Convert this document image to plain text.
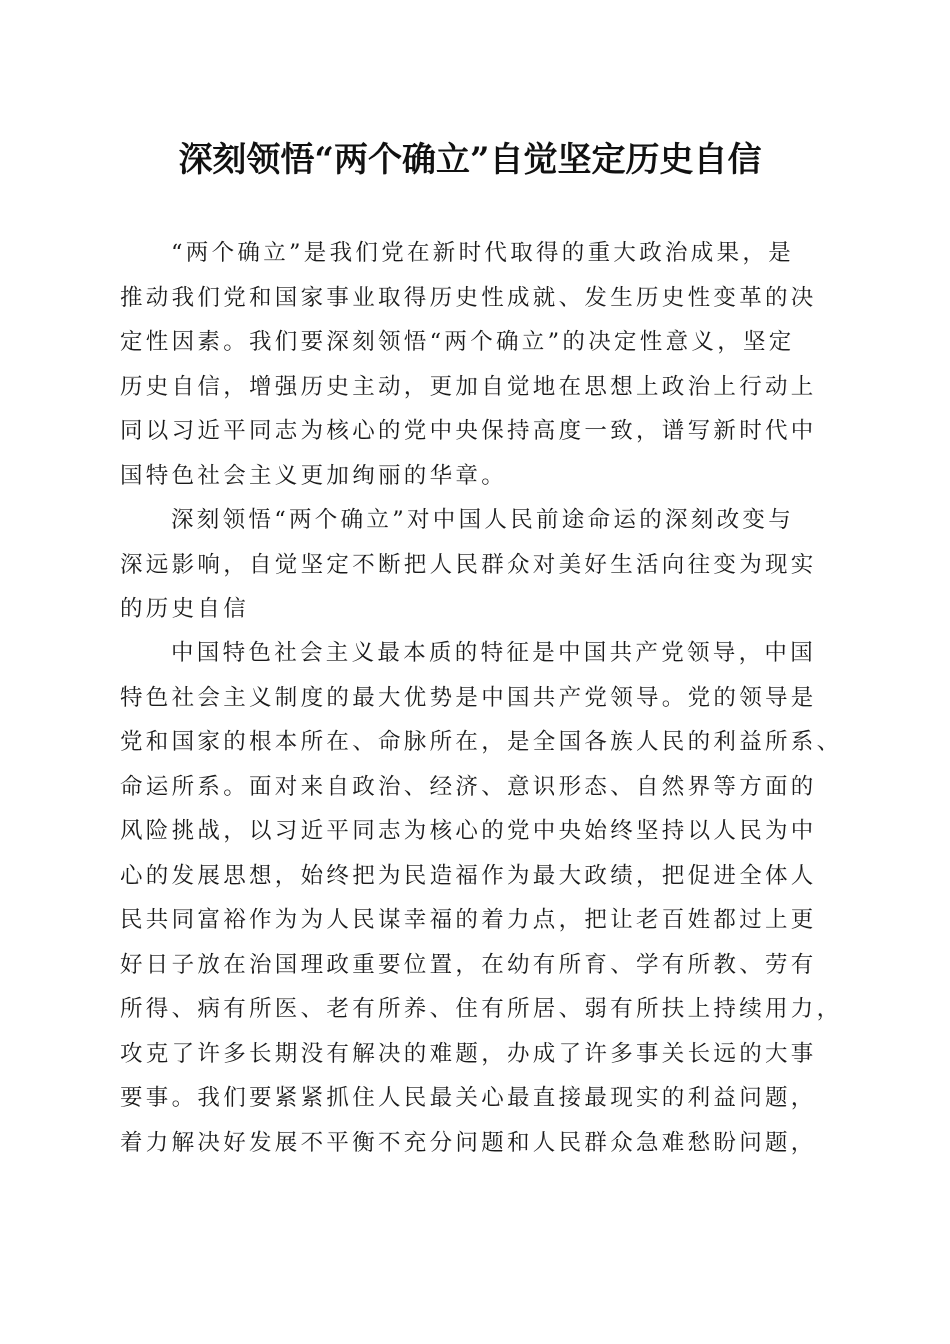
深刻领悟“两个确立”自觉坚定历史自信
“两个确立”是我们党在新时代取得的重大政治成果，是
推动我们党和国家事业取得历史性成就、发生历史性变革的决
定性因素。我们要深刻领悟“两个确立”的决定性意义，坚定
历史自信，增强历史主动，更加自觉地在思想上政治上行动上
同以习近平同志为核心的党中央保持高度一致，谱写新时代中
国特色社会主义更加绚丽的华章。
深刻领悟“两个确立”对中国人民前途命运的深刻改变与
深远影响，自觉坚定不断把人民群众对美好生活向往变为现实
的历史自信
中国特色社会主义最本质的特征是中国共产党领导，中国
特色社会主义制度的最大优势是中国共产党领导。党的领导是
党和国家的根本所在、命脉所在，是全国各族人民的利益所系、
命运所系。面对来自政治、经济、意识形态、自然界等方面的
风险挑战，以习近平同志为核心的党中央始终坚持以人民为中
心的发展思想，始终把为民造福作为最大政绩，把促进全体人
民共同富裕作为为人民谋幸福的着力点，把让老百姓都过上更
好日子放在治国理政重要位置，在幼有所育、学有所教、劳有
所得、病有所医、老有所养、住有所居、弱有所扶上持续用力，
攻克了许多长期没有解决的难题，办成了许多事关长远的大事
要事。我们要紧紧抓住人民最关心最直接最现实的利益问题，
着力解决好发展不平衡不充分问题和人民群众急难愁盼问题，
